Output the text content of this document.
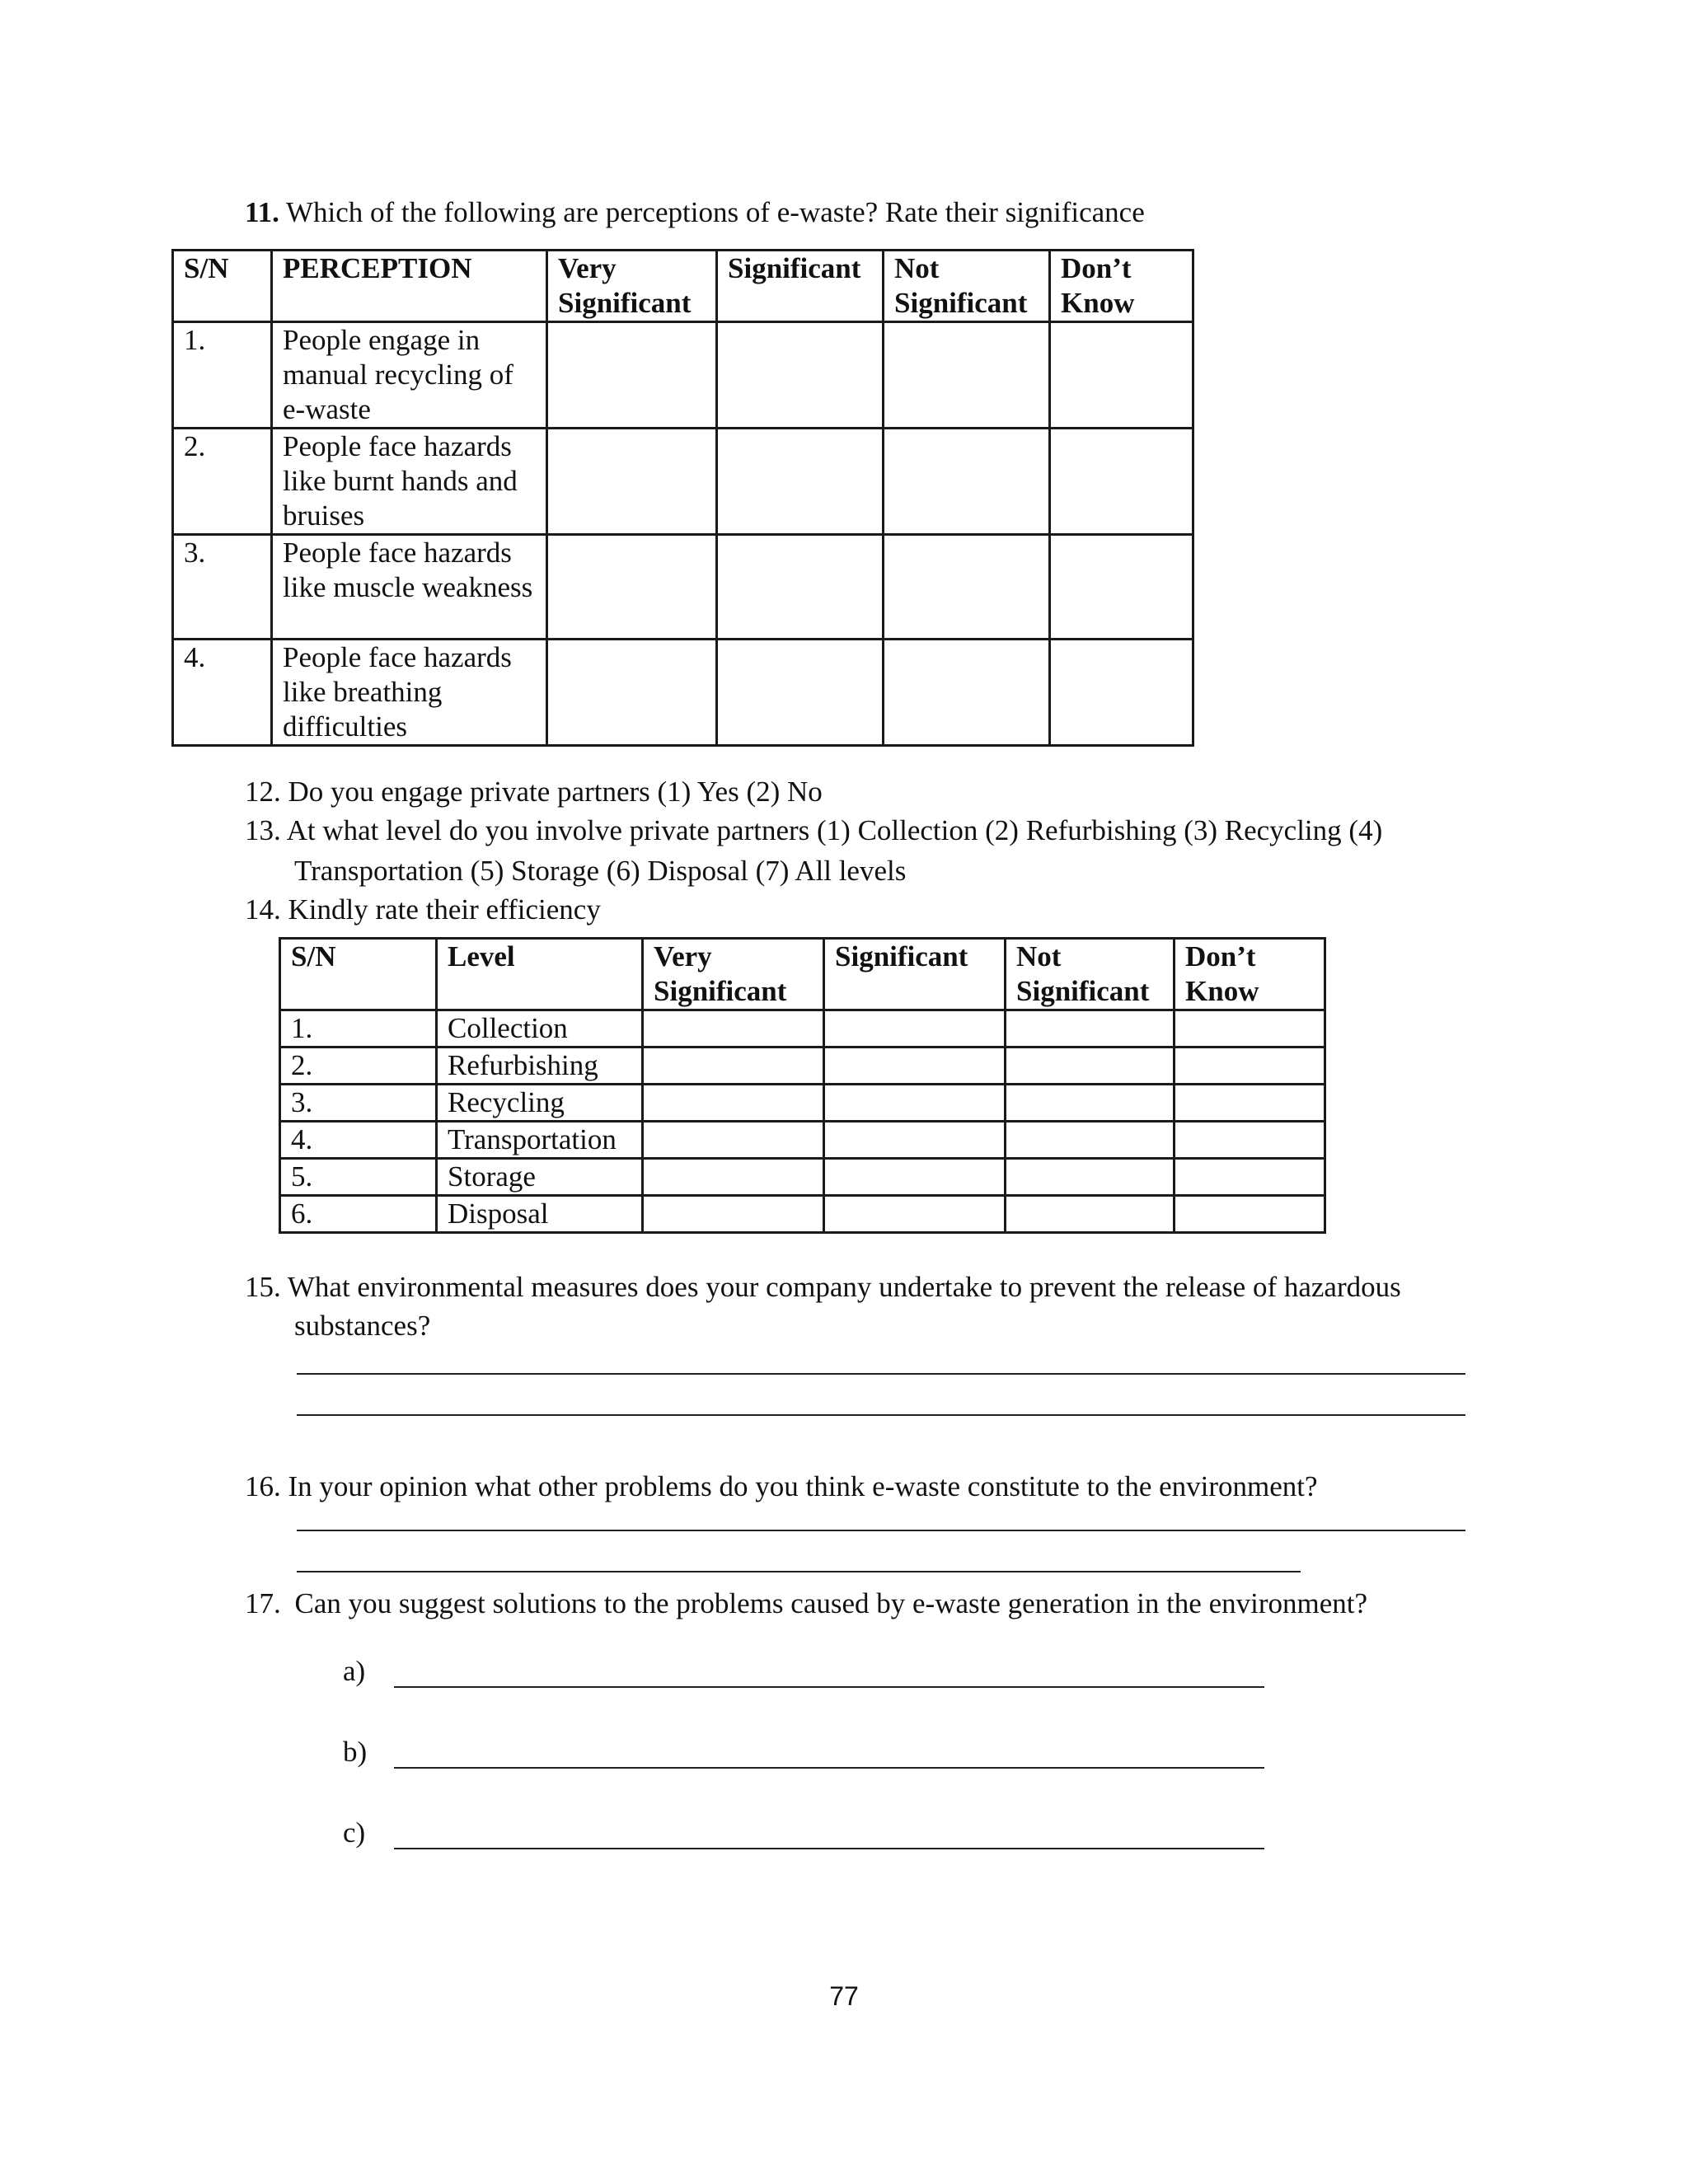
11. Which of the following are perceptions of e-waste? Rate their significance
S/N	PERCEPTION	Very Significant	Significant	Not Significant	Don’t Know
1.	People engage in manual recycling of e-waste				
2.	People face hazards like burnt hands and bruises				
3.	People face hazards like muscle weakness				
4.	People face hazards like breathing difficulties				
12. Do you engage private partners (1) Yes (2) No
13. At what level do you involve private partners (1) Collection (2) Refurbishing (3) Recycling (4)
Transportation (5) Storage (6) Disposal (7) All levels
14. Kindly rate their efficiency
S/N	Level	Very Significant	Significant	Not Significant	Don’t Know
1.	Collection				
2.	Refurbishing				
3.	Recycling				
4.	Transportation				
5.	Storage				
6.	Disposal				
15. What environmental measures does your company undertake to prevent the release of hazardous
substances?
16. In your opinion what other problems do you think e-waste constitute to the environment?
17. Can you suggest solutions to the problems caused by e-waste generation in the environment?
a)
b)
c)
77
